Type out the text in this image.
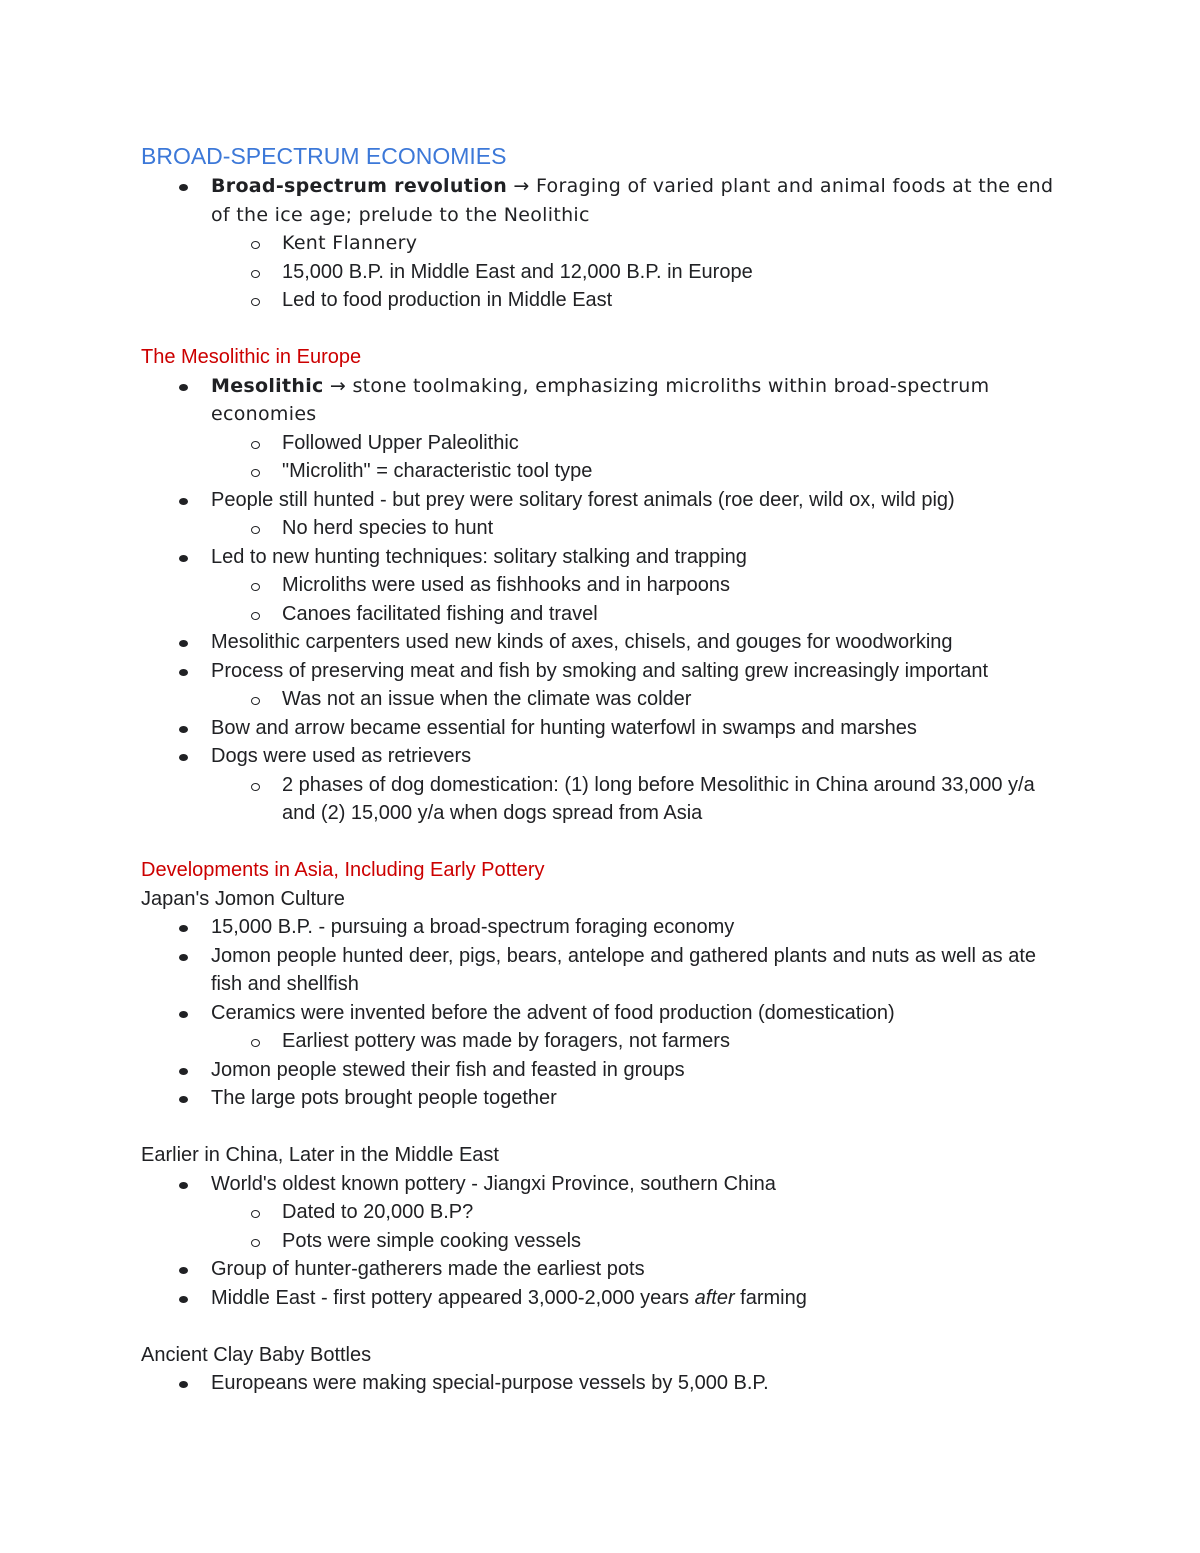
BROAD-SPECTRUM ECONOMIES
Broad-spectrum revolution → Foraging of varied plant and animal foods at the end of the ice age; prelude to the Neolithic
Kent Flannery
15,000 B.P. in Middle East and 12,000 B.P. in Europe
Led to food production in Middle East
The Mesolithic in Europe
Mesolithic → stone toolmaking, emphasizing microliths within broad-spectrum economies
Followed Upper Paleolithic
"Microlith" = characteristic tool type
People still hunted - but prey were solitary forest animals (roe deer, wild ox, wild pig)
No herd species to hunt
Led to new hunting techniques: solitary stalking and trapping
Microliths were used as fishhooks and in harpoons
Canoes facilitated fishing and travel
Mesolithic carpenters used new kinds of axes, chisels, and gouges for woodworking
Process of preserving meat and fish by smoking and salting grew increasingly important
Was not an issue when the climate was colder
Bow and arrow became essential for hunting waterfowl in swamps and marshes
Dogs were used as retrievers
2 phases of dog domestication: (1) long before Mesolithic in China around 33,000 y/a and (2) 15,000 y/a when dogs spread from Asia
Developments in Asia, Including Early Pottery
Japan's Jomon Culture
15,000 B.P. - pursuing a broad-spectrum foraging economy
Jomon people hunted deer, pigs, bears, antelope and gathered plants and nuts as well as ate fish and shellfish
Ceramics were invented before the advent of food production (domestication)
Earliest pottery was made by foragers, not farmers
Jomon people stewed their fish and feasted in groups
The large pots brought people together
Earlier in China, Later in the Middle East
World's oldest known pottery - Jiangxi Province, southern China
Dated to 20,000 B.P?
Pots were simple cooking vessels
Group of hunter-gatherers made the earliest pots
Middle East - first pottery appeared 3,000-2,000 years after farming
Ancient Clay Baby Bottles
Europeans were making special-purpose vessels by 5,000 B.P.
